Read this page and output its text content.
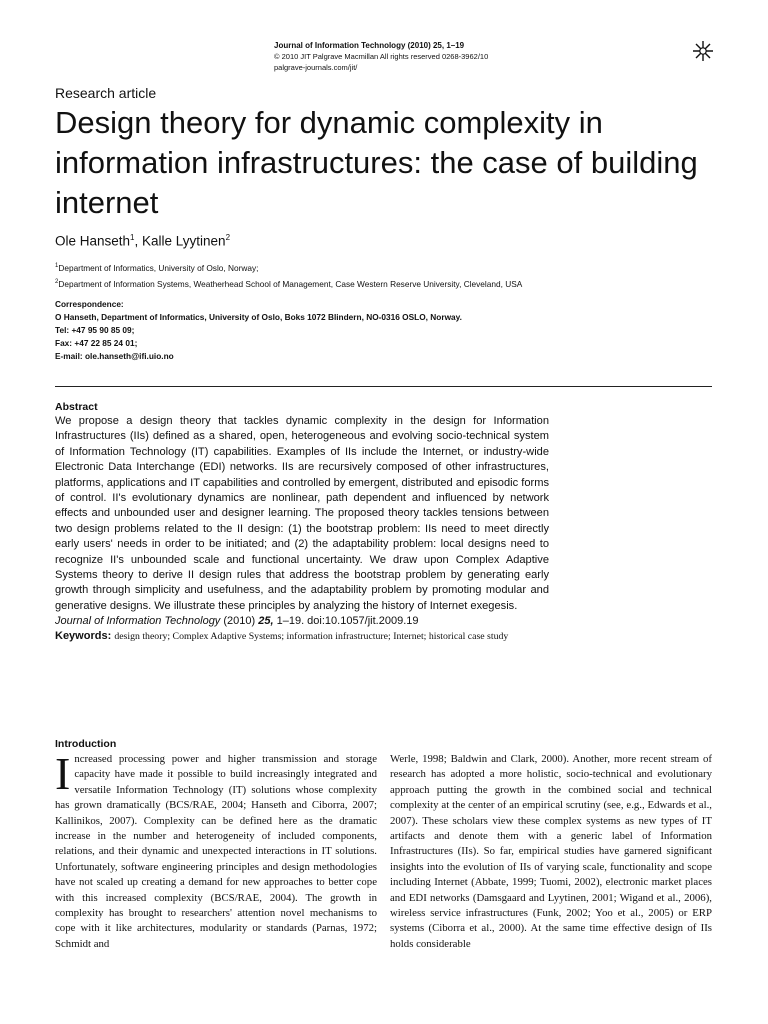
Journal of Information Technology (2010) 25, 1–19
© 2010 JIT Palgrave Macmillan All rights reserved 0268-3962/10
palgrave-journals.com/jit/
Research article
Design theory for dynamic complexity in information infrastructures: the case of building internet
Ole Hanseth$^1$, Kalle Lyytinen$^2$
$^1$Department of Informatics, University of Oslo, Norway;
$^2$Department of Information Systems, Weatherhead School of Management, Case Western Reserve University, Cleveland, USA
Correspondence:
O Hanseth, Department of Informatics, University of Oslo, Boks 1072 Blindern, NO-0316 OSLO, Norway.
Tel: +47 95 90 85 09;
Fax: +47 22 85 24 01;
E-mail: ole.hanseth@ifi.uio.no
Abstract

We propose a design theory that tackles dynamic complexity in the design for Information Infrastructures (IIs) defined as a shared, open, heterogeneous and evolving socio-technical system of Information Technology (IT) capabilities. Examples of IIs include the Internet, or industry-wide Electronic Data Interchange (EDI) networks. IIs are recursively composed of other infrastructures, platforms, applications and IT capabilities and controlled by emergent, distributed and episodic forms of control. II's evolutionary dynamics are nonlinear, path dependent and influenced by network effects and unbounded user and designer learning. The proposed theory tackles tensions between two design problems related to the II design: (1) the bootstrap problem: IIs need to meet directly early users' needs in order to be initiated; and (2) the adaptability problem: local designs need to recognize II's unbounded scale and functional uncertainty. We draw upon Complex Adaptive Systems theory to derive II design rules that address the bootstrap problem by generating early growth through simplicity and usefulness, and the adaptability problem by promoting modular and generative designs. We illustrate these principles by analyzing the history of Internet exegesis.

Journal of Information Technology (2010) 25, 1–19. doi:10.1057/jit.2009.19
Keywords: design theory; Complex Adaptive Systems; information infrastructure; Internet; historical case study
Introduction
I ncreased processing power and higher transmission and storage capacity have made it possible to build increasingly integrated and versatile Information Technology (IT) solutions whose complexity has grown dramatically (BCS/RAE, 2004; Hanseth and Ciborra, 2007; Kallinikos, 2007). Complexity can be defined here as the dramatic increase in the number and heterogeneity of included components, relations, and their dynamic and unexpected interactions in IT solutions. Unfortunately, software engineering principles and design methodologies have not scaled up creating a demand for new approaches to better cope with this increased complexity (BCS/RAE, 2004). The growth in complexity has brought to researchers' attention novel mechanisms to cope with it like architectures, modularity or standards (Parnas, 1972; Schmidt and

Werle, 1998; Baldwin and Clark, 2000). Another, more recent stream of research has adopted a more holistic, socio-technical and evolutionary approach putting the growth in the combined social and technical complexity at the center of an empirical scrutiny (see, e.g., Edwards et al., 2007). These scholars view these complex systems as new types of IT artifacts and denote them with a generic label of Information Infrastructures (IIs). So far, empirical studies have garnered significant insights into the evolution of IIs of varying scale, functionality and scope including Internet (Abbate, 1999; Tuomi, 2002), electronic market places and EDI networks (Damsgaard and Lyytinen, 2001; Wigand et al., 2006), wireless service infrastructures (Funk, 2002; Yoo et al., 2005) or ERP systems (Ciborra et al., 2000). At the same time effective design of IIs holds considerable
